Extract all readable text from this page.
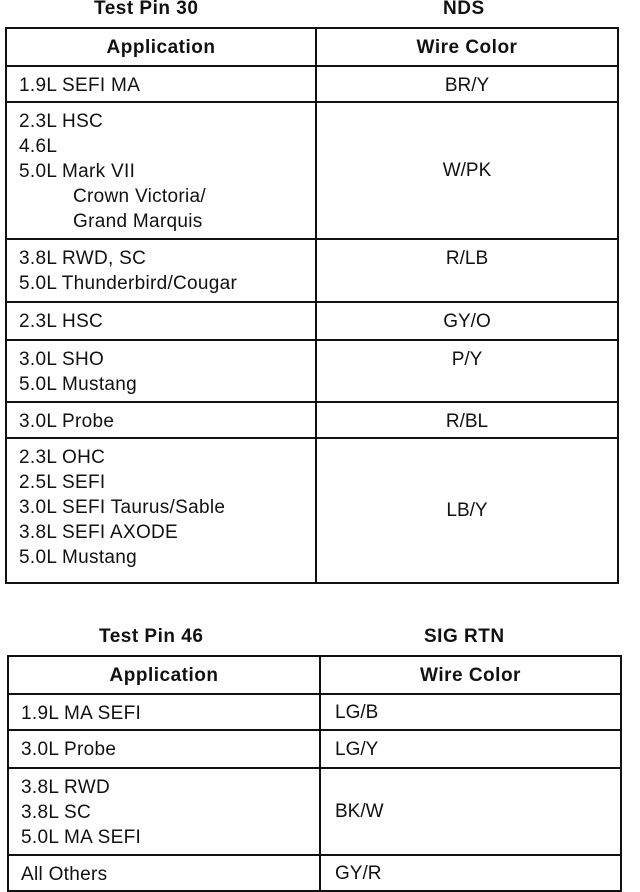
Test Pin 30	NDS
Application	Wire Color

1.9L SEFI MA	BR/Y

2.3L HSC
4.6L
5.0L Mark VII
Crown Victoria/
Grand Marquis	W/PK

3.8L RWD, SC
5.0L Thunderbird/Cougar	R/LB

2.3L HSC	GY/O

3.0L SHO
5.0L Mustang	P/Y

3.0L Probe	R/BL

2.3L OHC
2.5L SEFI
3.0L SEFI Taurus/Sable
3.8L SEFI AXODE
5.0L Mustang	LB/Y
Test Pin 46	SIG RTN
Application	Wire Color

1.9L MA SEFI	LG/B

3.0L Probe	LG/Y

3.8L RWD
3.8L SC
5.0L MA SEFI	BK/W

All Others	GY/R
